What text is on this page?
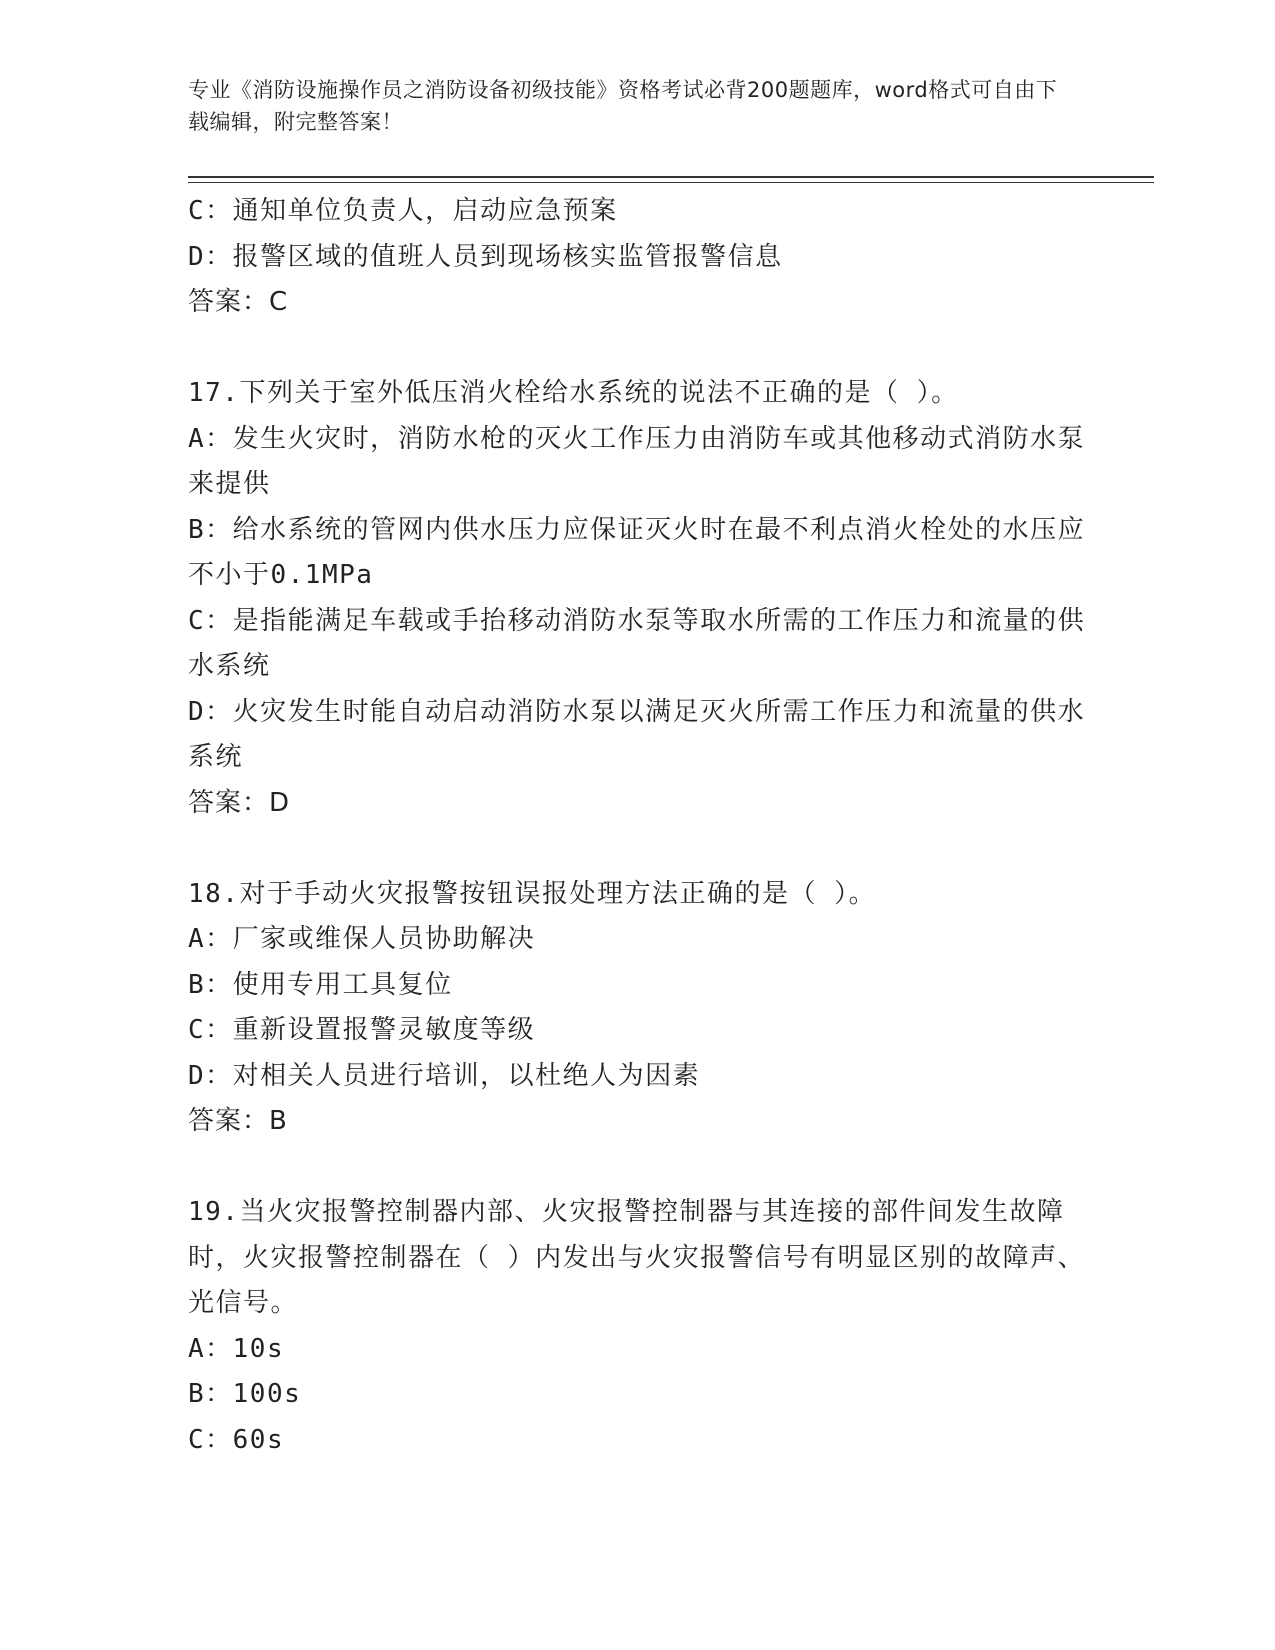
专业《消防设施操作员之消防设备初级技能》资格考试必背200题题库，word格式可自由下载编辑，附完整答案！
C：通知单位负责人，启动应急预案
D：报警区域的值班人员到现场核实监管报警信息
答案：C
17.下列关于室外低压消火栓给水系统的说法不正确的是（ ）。
A：发生火灾时，消防水枪的灭火工作压力由消防车或其他移动式消防水泵来提供
B：给水系统的管网内供水压力应保证灭火时在最不利点消火栓处的水压应不小于0.1MPa
C：是指能满足车载或手抬移动消防水泵等取水所需的工作压力和流量的供水系统
D：火灾发生时能自动启动消防水泵以满足灭火所需工作压力和流量的供水系统
答案：D
18.对于手动火灾报警按钮误报处理方法正确的是（ ）。
A：厂家或维保人员协助解决
B：使用专用工具复位
C：重新设置报警灵敏度等级
D：对相关人员进行培训，以杜绝人为因素
答案：B
19.当火灾报警控制器内部、火灾报警控制器与其连接的部件间发生故障时，火灾报警控制器在（ ）内发出与火灾报警信号有明显区别的故障声、光信号。
A：10s
B：100s
C：60s
